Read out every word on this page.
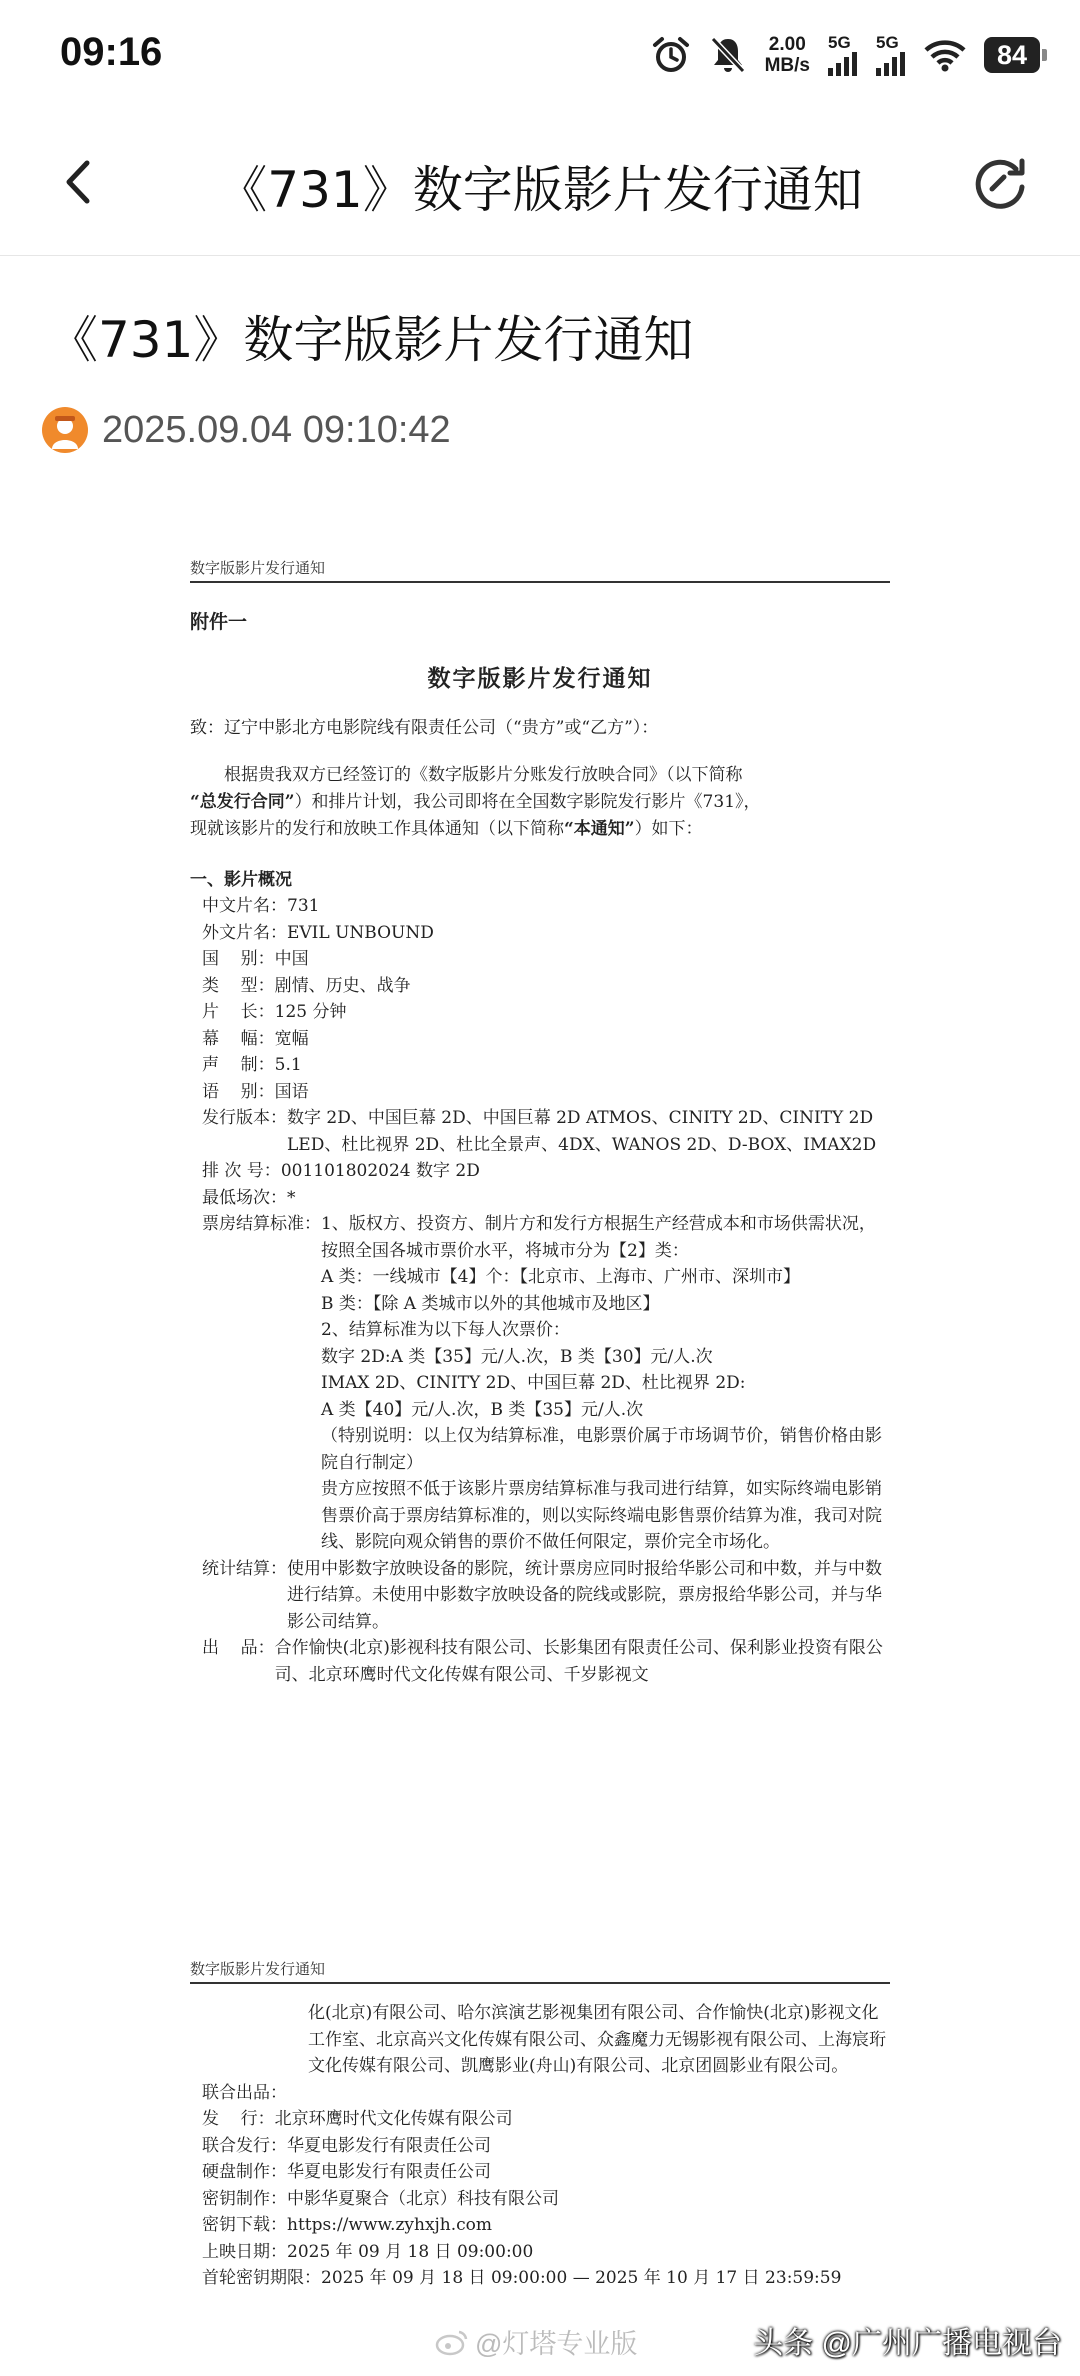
09:16	2.00
MB/s
5G 5G	84
《731》数字版影片发行通知
《731》数字版影片发行通知
2025.09.04 09:10:42
数字版影片发行通知
附件一
数字版影片发行通知
致：辽宁中影北方电影院线有限责任公司（“贵方”或“乙方”）：
根据贵我双方已经签订的《数字版影片分账发行放映合同》（以下简称
“总发行合同”）和排片计划，我公司即将在全国数字影院发行影片《731》，
现就该影片的发行和放映工作具体通知（以下简称“本通知”）如下：
一、影片概况
中文片名： 731
外文片名： EVIL UNBOUND
国    别： 中国
类    型： 剧情、历史、战争
片    长： 125 分钟
幕    幅： 宽幅
声    制： 5.1
语    别： 国语
发行版本： 数字 2D、中国巨幕 2D、中国巨幕 2D ATMOS、CINITY 2D、CINITY 2D LED、杜比视界 2D、杜比全景声、4DX、WANOS 2D、D-BOX、IMAX2D
排 次 号： 001101802024 数字 2D
最低场次： *
票房结算标准： 1、版权方、投资方、制片方和发行方根据生产经营成本和市场供需状况，按照全国各城市票价水平，将城市分为【2】类：
A 类：一线城市【4】个：【北京市、上海市、广州市、深圳市】
B 类：【除 A 类城市以外的其他城市及地区】
2、结算标准为以下每人次票价：
数字 2D:A 类【35】元/人.次，B 类【30】元/人.次
IMAX 2D、CINITY 2D、中国巨幕 2D、杜比视界 2D:
A 类【40】元/人.次，B 类【35】元/人.次
（特别说明：以上仅为结算标准，电影票价属于市场调节价，销售价格由影院自行制定）
贵方应按照不低于该影片票房结算标准与我司进行结算，如实际终端电影销售票价高于票房结算标准的，则以实际终端电影售票价结算为准，我司对院线、影院向观众销售的票价不做任何限定，票价完全市场化。
统计结算： 使用中影数字放映设备的影院，统计票房应同时报给华影公司和中数，并与中数进行结算。未使用中影数字放映设备的院线或影院，票房报给华影公司，并与华影公司结算。
出    品： 合作愉快(北京)影视科技有限公司、长影集团有限责任公司、保利影业投资有限公司、北京环鹰时代文化传媒有限公司、千岁影视文
数字版影片发行通知
化(北京)有限公司、哈尔滨演艺影视集团有限公司、合作愉快(北京)影视文化工作室、北京高兴文化传媒有限公司、众鑫魔力无锡影视有限公司、上海宸珩文化传媒有限公司、凯鹰影业(舟山)有限公司、北京团圆影业有限公司。
联合出品：
发    行： 北京环鹰时代文化传媒有限公司
联合发行： 华夏电影发行有限责任公司
硬盘制作： 华夏电影发行有限责任公司
密钥制作： 中影华夏聚合（北京）科技有限公司
密钥下载： https://www.zyhxjh.com
上映日期： 2025 年 09 月 18 日 09:00:00
首轮密钥期限： 2025 年 09 月 18 日 09:00:00 — 2025 年 10 月 17 日 23:59:59
@灯塔专业版	头条 @广州广播电视台
